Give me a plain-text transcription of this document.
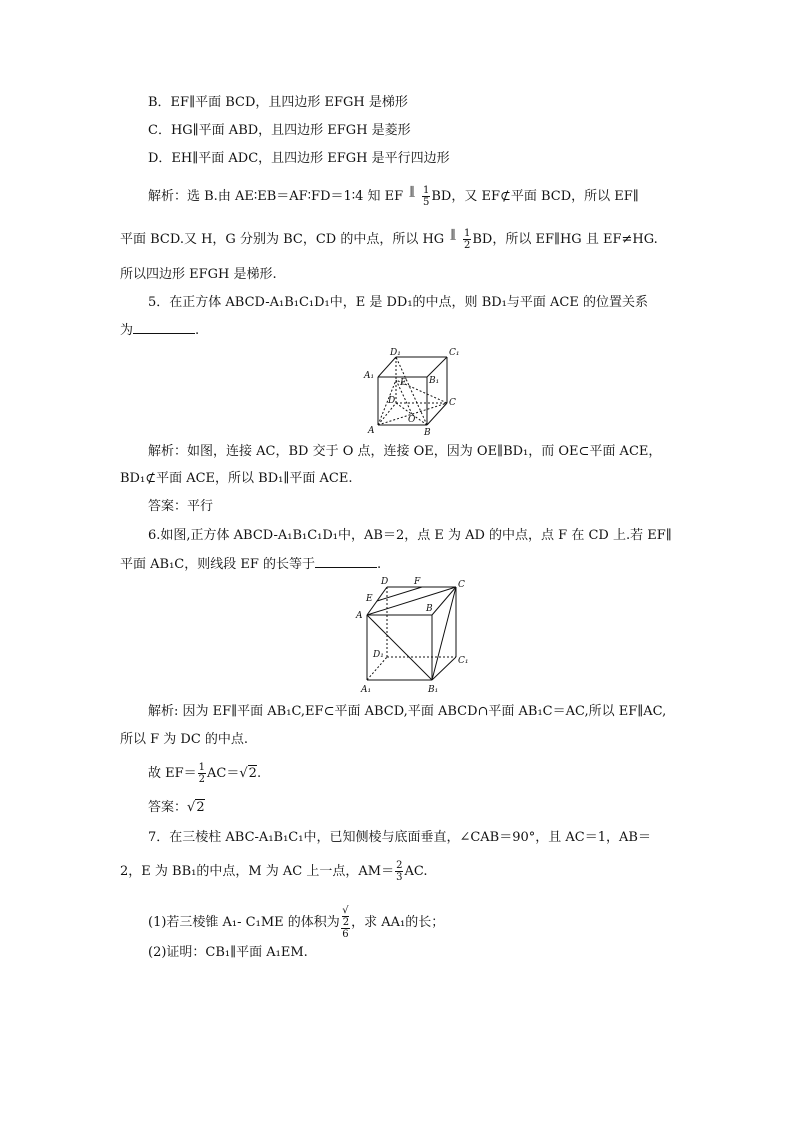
B．EF∥平面 BCD，且四边形 EFGH 是梯形
C．HG∥平面 ABD，且四边形 EFGH 是菱形
D．EH∥平面 ADC，且四边形 EFGH 是平行四边形
解析：选 B.由 AE∶EB＝AF∶FD＝1∶4 知 EF ∥
‾
$\frac{1}{5}$ BD，又 EF⊄平面 BCD，所以 EF∥
平面 BCD.又 H，G 分别为 BC，CD 的中点，所以 HG ∥
‾
$\frac{1}{2}$ BD，所以 EF∥HG 且 EF≠HG.
所以四边形 EFGH 是梯形.
5．在正方体 ABCD-A₁B₁C₁D₁中，E 是 DD₁的中点，则 BD₁与平面 ACE 的位置关系
为	.
D₁	C₁
A₁	B₁
E
D	C
O
A	B
解析：如图，连接 AC，BD 交于 O 点，连接 OE，因为 OE∥BD₁，而 OE⊂平面 ACE，
BD₁⊄平面 ACE，所以 BD₁∥平面 ACE.
答案：平行
6.如图,正方体 ABCD-A₁B₁C₁D₁中，AB＝2，点 E 为 AD 的中点，点 F 在 CD 上.若 EF∥
平面 AB₁C，则线段 EF 的长等于	.
D	F	C
E
B
A
D₁
C₁
A₁	B₁
解析: 因为 EF∥平面 AB₁C,EF⊂平面 ABCD,平面 ABCD∩平面 AB₁C＝AC,所以 EF∥AC,
所以 F 为 DC 的中点.
故 $EF= \frac{1}{2} AC=√2$.
答案：√2
7．在三棱柱 ABC-A₁B₁C₁中，已知侧棱与底面垂直，∠CAB＝90°，且 AC＝1，AB＝
2，E 为 BB₁的中点，M 为 AC 上一点，$AM= \frac{2}{3}$ AC.
(1)若三棱锥 A₁- C₁ME 的体积为 √
2
6 ，求 AA₁的长；
(2)证明：CB₁∥平面 A₁EM.
